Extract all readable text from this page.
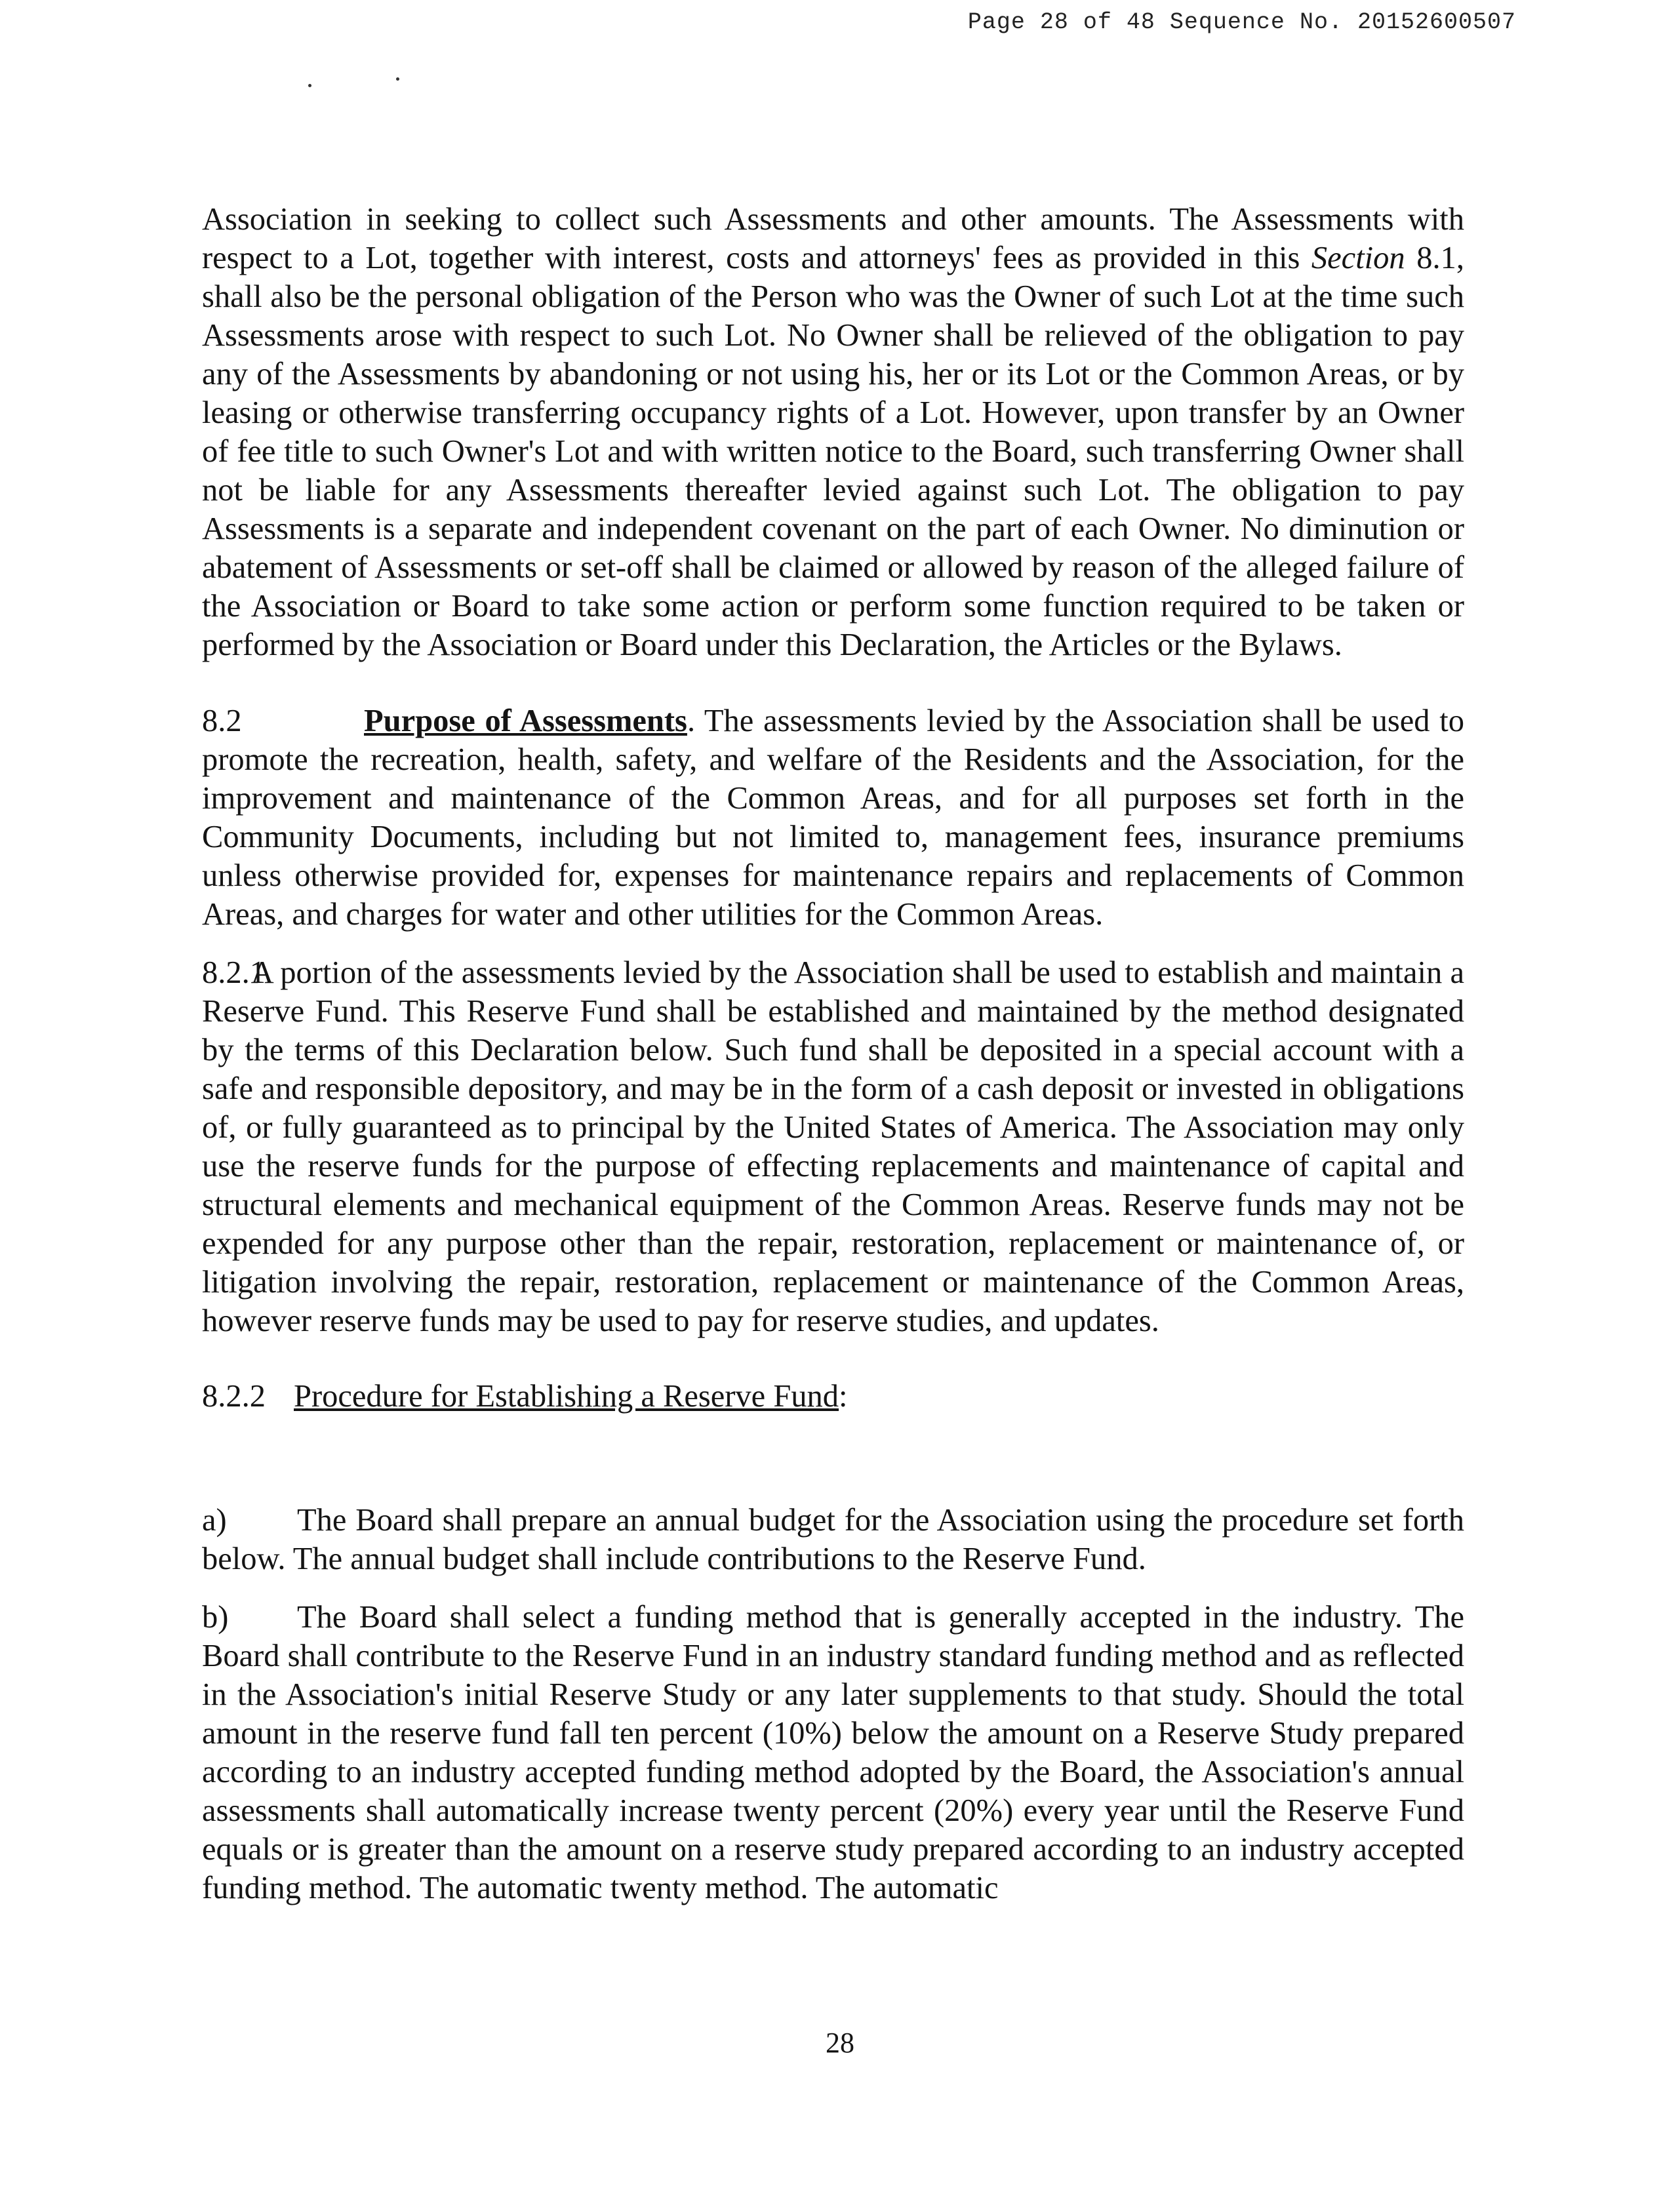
Page 28 of 48 Sequence No. 20152600507

Association in seeking to collect such Assessments and other amounts. The Assessments with respect to a Lot, together with interest, costs and attorneys' fees as provided in this Section 8.1, shall also be the personal obligation of the Person who was the Owner of such Lot at the time such Assessments arose with respect to such Lot. No Owner shall be relieved of the obligation to pay any of the Assessments by abandoning or not using his, her or its Lot or the Common Areas, or by leasing or otherwise transferring occupancy rights of a Lot. However, upon transfer by an Owner of fee title to such Owner's Lot and with written notice to the Board, such transferring Owner shall not be liable for any Assessments thereafter levied against such Lot. The obligation to pay Assessments is a separate and independent covenant on the part of each Owner. No diminution or abatement of Assessments or set-off shall be claimed or allowed by reason of the alleged failure of the Association or Board to take some action or perform some function required to be taken or performed by the Association or Board under this Declaration, the Articles or the Bylaws.

8.2	Purpose of Assessments. The assessments levied by the Association shall be used to promote the recreation, health, safety, and welfare of the Residents and the Association, for the improvement and maintenance of the Common Areas, and for all purposes set forth in the Community Documents, including but not limited to, management fees, insurance premiums unless otherwise provided for, expenses for maintenance repairs and replacements of Common Areas, and charges for water and other utilities for the Common Areas.

8.2.1 A portion of the assessments levied by the Association shall be used to establish and maintain a Reserve Fund. This Reserve Fund shall be established and maintained by the method designated by the terms of this Declaration below. Such fund shall be deposited in a special account with a safe and responsible depository, and may be in the form of a cash deposit or invested in obligations of, or fully guaranteed as to principal by the United States of America. The Association may only use the reserve funds for the purpose of effecting replacements and maintenance of capital and structural elements and mechanical equipment of the Common Areas. Reserve funds may not be expended for any purpose other than the repair, restoration, replacement or maintenance of, or litigation involving the repair, restoration, replacement or maintenance of the Common Areas, however reserve funds may be used to pay for reserve studies, and updates.

8.2.2 Procedure for Establishing a Reserve Fund:

a) The Board shall prepare an annual budget for the Association using the procedure set forth below. The annual budget shall include contributions to the Reserve Fund.

b) The Board shall select a funding method that is generally accepted in the industry. The Board shall contribute to the Reserve Fund in an industry standard funding method and as reflected in the Association's initial Reserve Study or any later supplements to that study. Should the total amount in the reserve fund fall ten percent (10%) below the amount on a Reserve Study prepared according to an industry accepted funding method adopted by the Board, the Association's annual assessments shall automatically increase twenty percent (20%) every year until the Reserve Fund equals or is greater than the amount on a reserve study prepared according to an industry accepted funding method. The automatic twenty method. The automatic

28
